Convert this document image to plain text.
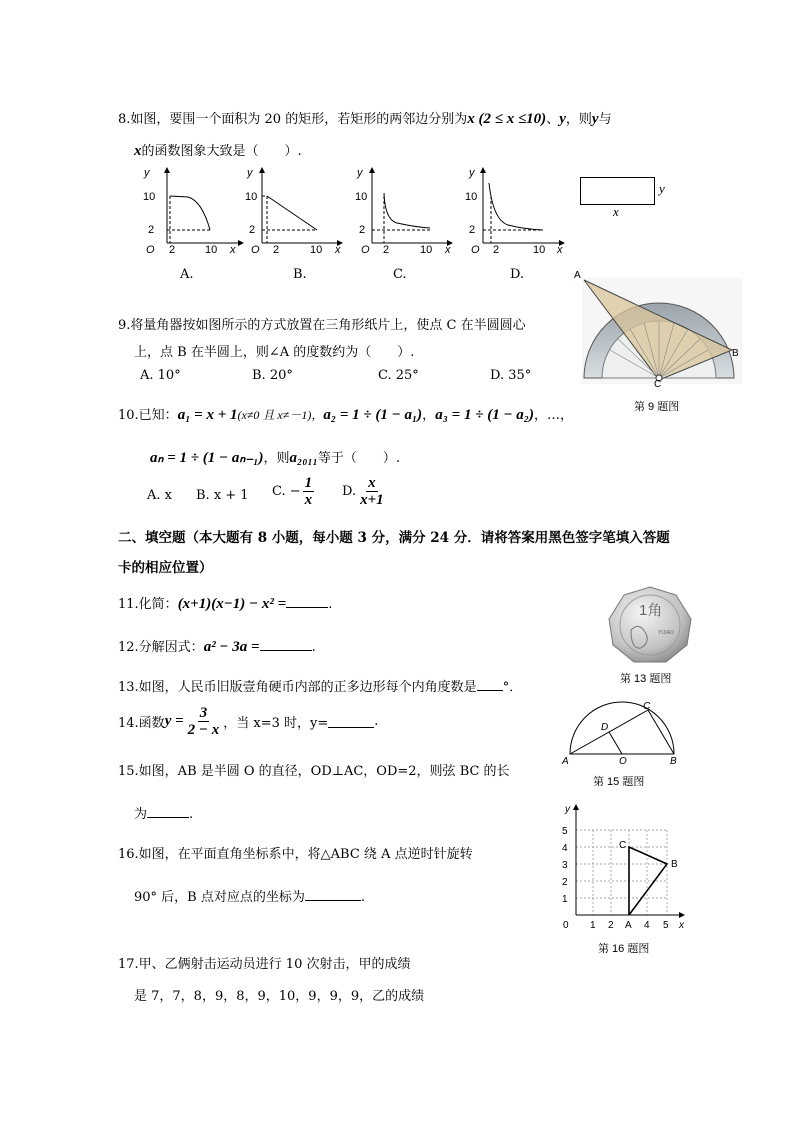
8.如图，要围一个面积为 20 的矩形，若矩形的两邻边分别为x (2 ≤ x ≤10)、y，则y与
x的函数图象大致是（　　）.
y
10
2
O 2	10 x
A.
y
10
2
O 2	10 x
B.
y
10
2
O 2	10 x
C.
y
10
2
O 2	10 x
D.
y
x
9.将量角器按如图所示的方式放置在三角形纸片上，使点 C 在半圆圆心
上，点 B 在半圆上，则∠A 的度数约为（　　）.
A. 10°	B. 20°	C. 25°	D. 35°
A
B
C
第 9 题图
10.已知：a₁ = x + 1(x≠0 且 x≠－1)，a₂ = 1 ÷ (1 − a₁)，a₃ = 1 ÷ (1 − a₂)，…，
aₙ = 1 ÷ (1 − aₙ₋₁)，则a₂₀₁₁等于（　　）.
A. x B. x + 1 C. − $\frac{1}{x} D$. $\frac{x}{x+1}$
二、填空题（本大题有 8 小题，每小题 3 分，满分 24 分．请将答案用黑色签字笔填入答题
卡的相应位置）
11.化简：(x+1)(x−1) − x² =	.
12.分解因式：a² − 3a =	.
13.如图，人民币旧版壹角硬币内部的正多边形每个内角度数是 °．
1角
YIJIAO
第 13 题图
14.函数$y = \frac{3}{2 - x}$ ，当 x=3 时，y=	.
15.如图，AB 是半圆 O 的直径，OD⊥AC，OD=2，则弦 BC 的长
为	.
A	O	B
C
D
第 15 题图
16.如图，在平面直角坐标系中，将△ABC 绕 A 点逆时针旋转
90° 后，B 点对应点的坐标为	.
y
x
5
4
3
2
1
0 1 2 A 4 5
C
B
第 16 题图
17.甲、乙俩射击运动员进行 10 次射击，甲的成绩
是 7，7，8，9，8，9，10，9，9，9，乙的成绩
